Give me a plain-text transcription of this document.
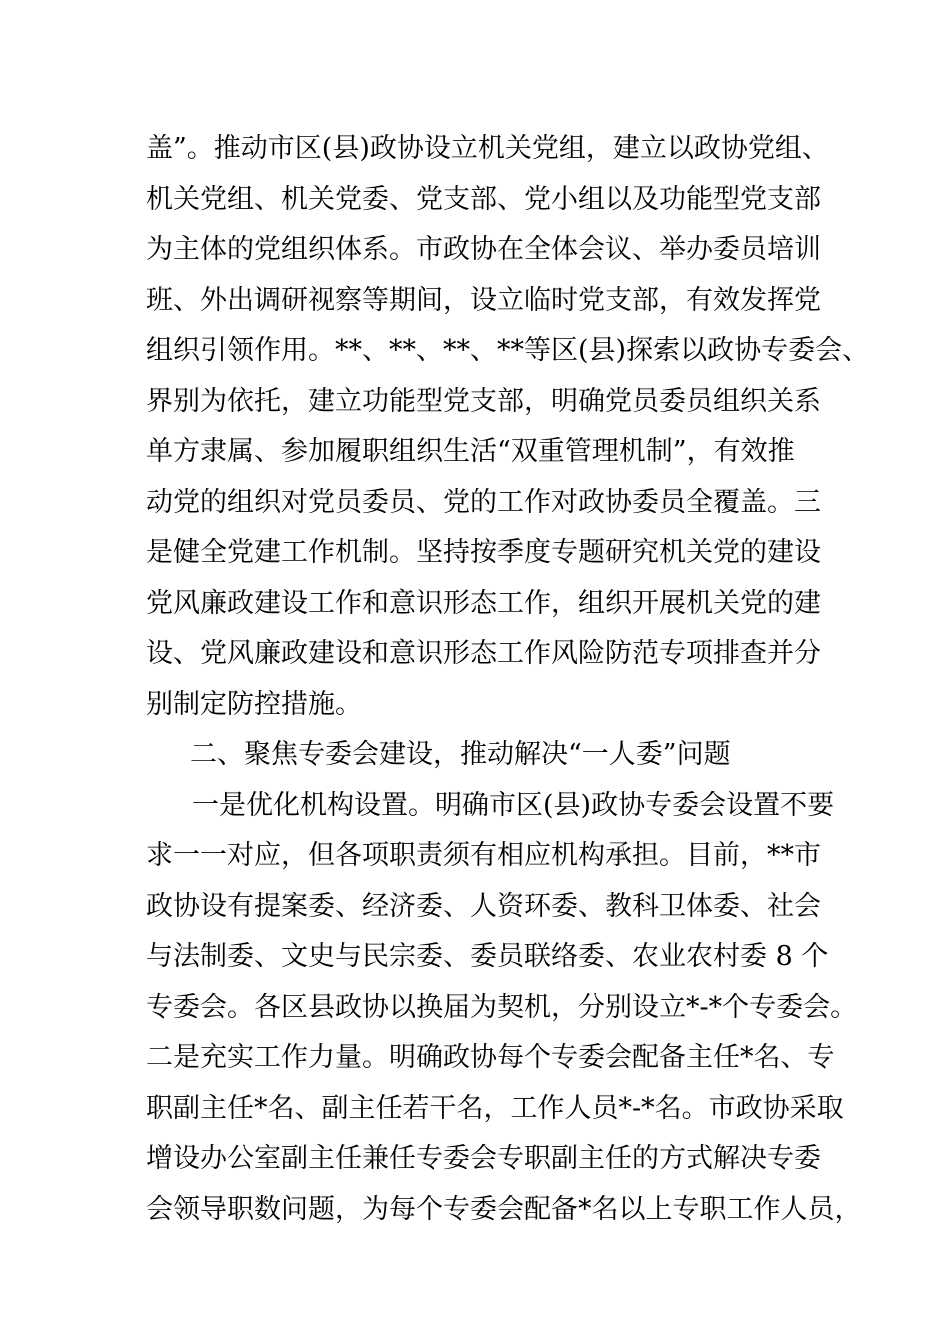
盖”。推动市区(县)政协设立机关党组，建立以政协党组、
机关党组、机关党委、党支部、党小组以及功能型党支部
为主体的党组织体系。市政协在全体会议、举办委员培训
班、外出调研视察等期间，设立临时党支部，有效发挥党
组织引领作用。**、**、**、**等区(县)探索以政协专委会、
界别为依托，建立功能型党支部，明确党员委员组织关系
单方隶属、参加履职组织生活“双重管理机制”，有效推
动党的组织对党员委员、党的工作对政协委员全覆盖。三
是健全党建工作机制。坚持按季度专题研究机关党的建设
党风廉政建设工作和意识形态工作，组织开展机关党的建
设、党风廉政建设和意识形态工作风险防范专项排查并分
别制定防控措施。
二、聚焦专委会建设，推动解决“一人委”问题
一是优化机构设置。明确市区(县)政协专委会设置不要
求一一对应，但各项职责须有相应机构承担。目前，**市
政协设有提案委、经济委、人资环委、教科卫体委、社会
与法制委、文史与民宗委、委员联络委、农业农村委 8 个
专委会。各区县政协以换届为契机，分别设立*-*个专委会。
二是充实工作力量。明确政协每个专委会配备主任*名、专
职副主任*名、副主任若干名，工作人员*-*名。市政协采取
增设办公室副主任兼任专委会专职副主任的方式解决专委
会领导职数问题，为每个专委会配备*名以上专职工作人员，
